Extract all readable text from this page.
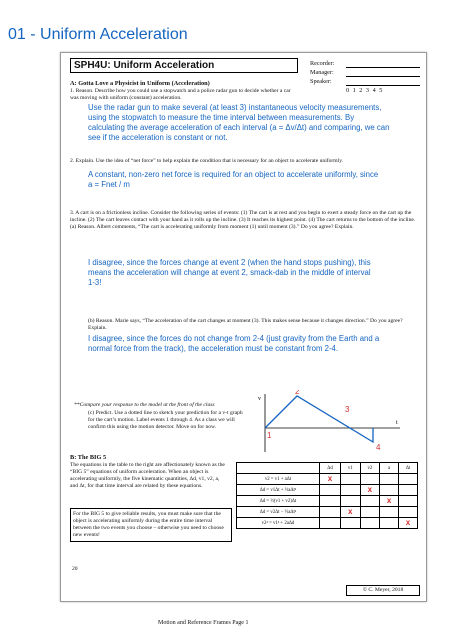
01 - Uniform Acceleration
SPH4U: Uniform Acceleration	Recorder:
Manager:
Speaker:
0 1 2 3 4 5
A: Gotta Love a Physicist in Uniform (Acceleration)
1. Reason. Describe how you could use a stopwatch and a police radar gun to decide whether a car was moving with uniform (constant) acceleration.
Use the radar gun to make several (at least 3) instantaneous velocity measurements,
using the stopwatch to measure the time interval between measurements. By
calculating the average acceleration of each interval (a = Δv/Δt) and comparing, we can
see if the acceleration is constant or not.
2. Explain. Use the idea of “net force” to help explain the condition that is necessary for an object to accelerate uniformly.
A constant, non-zero net force is required for an object to accelerate uniformly, since
a = Fnet / m
3. A cart is on a frictionless incline. Consider the following series of events: (1) The cart is at rest and you begin to exert a steady force on the cart up the incline. (2) The cart leaves contact with your hand as it rolls up the incline. (3) It reaches its highest point. (4) The cart returns to the bottom of the incline.
(a) Reason. Albert comments, “The cart is accelerating uniformly from moment (1) until moment (3).” Do you agree? Explain.
I disagree, since the forces change at event 2 (when the hand stops pushing), this
means the acceleration will change at event 2, smack-dab in the middle of interval
1-3!
(b) Reason. Marie says, “The acceleration of the cart changes at moment (3). This makes sense because it changes direction.” Do you agree? Explain.
I disagree, since the forces do not change from 2-4 (just gravity from the Earth and a
normal force from the track), the acceleration must be constant from 2-4.
**Compare your response to the model at the front of the class
(c) Predict. Use a dotted line to sketch your prediction for a v-t graph for the cart’s motion. Label events 1 through 4. As a class we will confirm this using the motion detector. Move on for now.
v
t
1
2
3
4
B: The BIG 5
The equations in the table to the right are affectionately known as the “BIG 5” equations of uniform acceleration. When an object is accelerating uniformly, the five kinematic quantities, Δd, v1, v2, a, and Δt, for that time interval are related by these equations.
For the BIG 5 to give reliable results, you must make sure that the object is accelerating uniformly during the entire time interval between the two events you choose – otherwise you need to choose new events!
	Δd	v1	v2	a	Δt
v2 = v1 + aΔt	x				
Δd = v1Δt + ½aΔt²			x		
Δd = ½(v1 + v2)Δt				x	
Δd = v2Δt − ½aΔt²		x			
v2² = v1² + 2aΔd					x
20
© C. Meyer, 2018
Motion and Reference Frames Page 1
